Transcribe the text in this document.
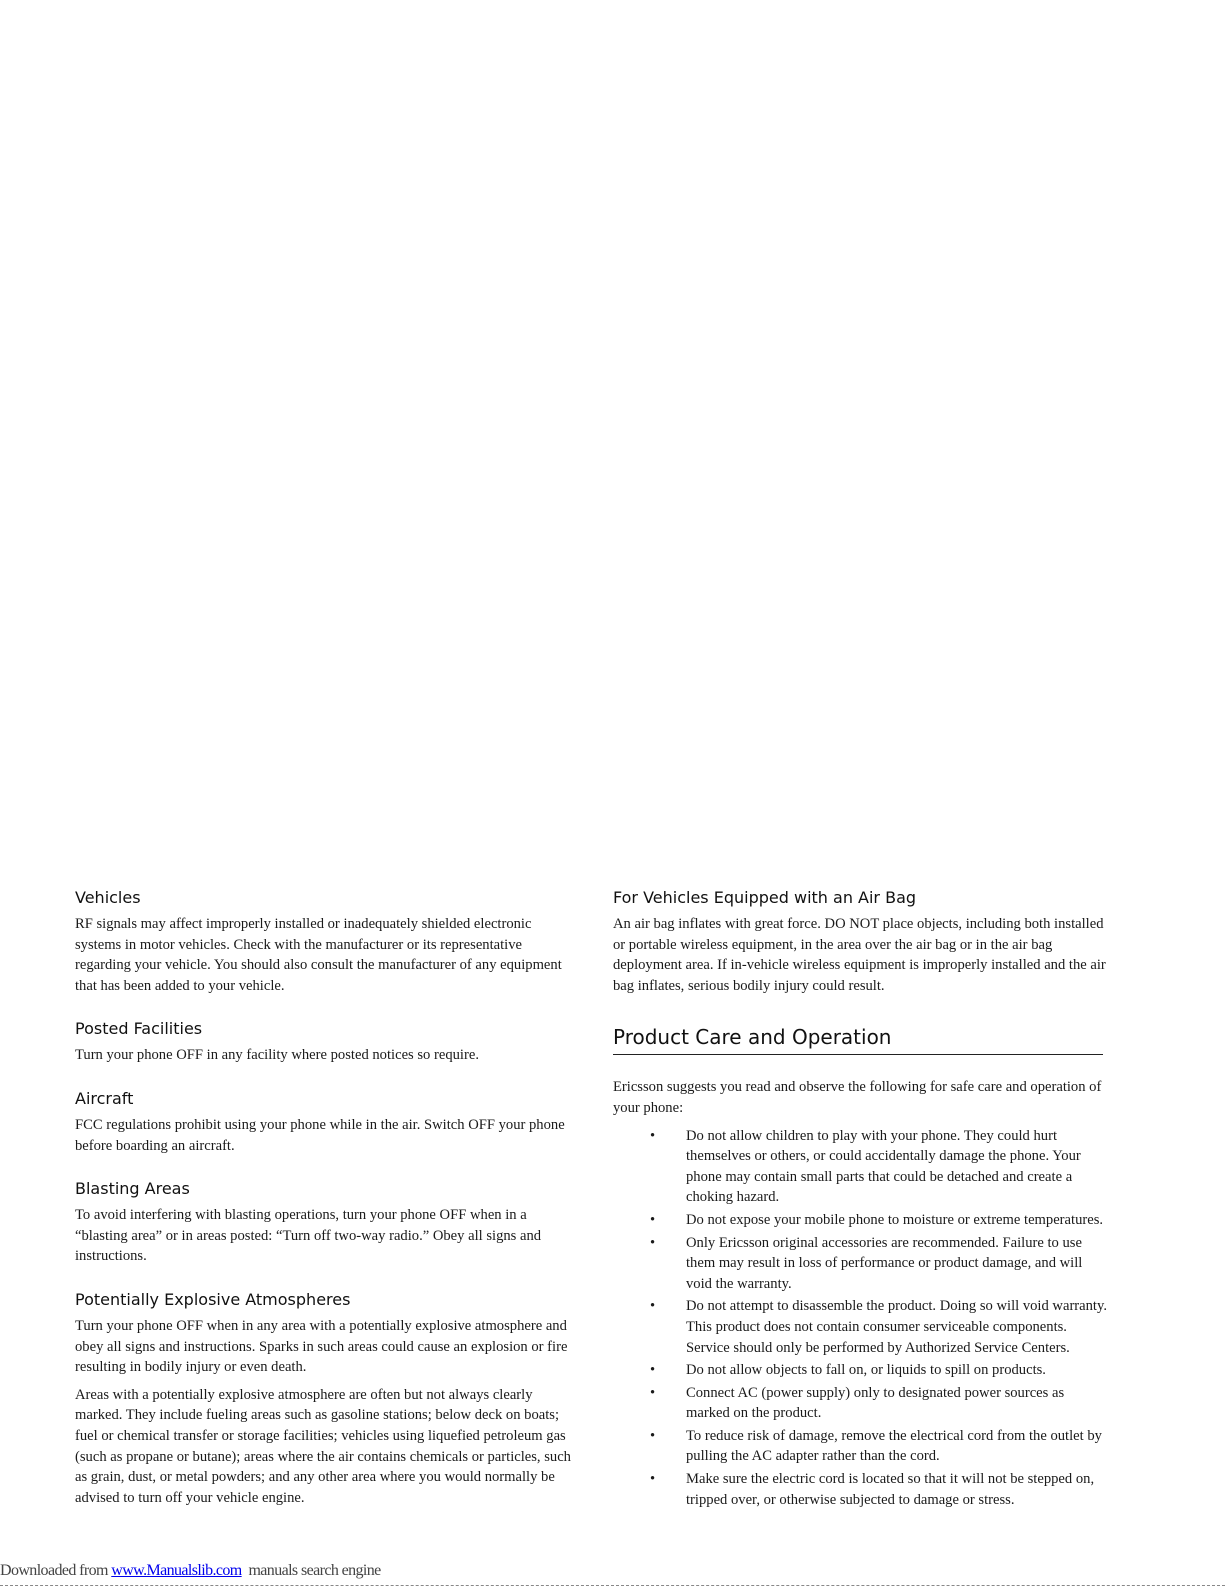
Vehicles

RF signals may affect improperly installed or inadequately shielded electronic systems in motor vehicles. Check with the manufacturer or its representative regarding your vehicle. You should also consult the manufacturer of any equipment that has been added to your vehicle.

Posted Facilities

Turn your phone OFF in any facility where posted notices so require.

Aircraft

FCC regulations prohibit using your phone while in the air. Switch OFF your phone before boarding an aircraft.

Blasting Areas

To avoid interfering with blasting operations, turn your phone OFF when in a “blasting area” or in areas posted: “Turn off two-way radio.” Obey all signs and instructions.

Potentially Explosive Atmospheres

Turn your phone OFF when in any area with a potentially explosive atmosphere and obey all signs and instructions. Sparks in such areas could cause an explosion or fire resulting in bodily injury or even death.

Areas with a potentially explosive atmosphere are often but not always clearly marked. They include fueling areas such as gasoline stations; below deck on boats; fuel or chemical transfer or storage facilities; vehicles using liquefied petroleum gas (such as propane or butane); areas where the air contains chemicals or particles, such as grain, dust, or metal powders; and any other area where you would normally be advised to turn off your vehicle engine.

For Vehicles Equipped with an Air Bag

An air bag inflates with great force. DO NOT place objects, including both installed or portable wireless equipment, in the area over the air bag or in the air bag deployment area. If in-vehicle wireless equipment is improperly installed and the air bag inflates, serious bodily injury could result.

Product Care and Operation

Ericsson suggests you read and observe the following for safe care and operation of your phone:

• Do not allow children to play with your phone. They could hurt themselves or others, or could accidentally damage the phone. Your phone may contain small parts that could be detached and create a choking hazard.
• Do not expose your mobile phone to moisture or extreme temperatures.
• Only Ericsson original accessories are recommended. Failure to use them may result in loss of performance or product damage, and will void the warranty.
• Do not attempt to disassemble the product. Doing so will void warranty. This product does not contain consumer serviceable components. Service should only be performed by Authorized Service Centers.
• Do not allow objects to fall on, or liquids to spill on products.
• Connect AC (power supply) only to designated power sources as marked on the product.
• To reduce risk of damage, remove the electrical cord from the outlet by pulling the AC adapter rather than the cord.
• Make sure the electric cord is located so that it will not be stepped on, tripped over, or otherwise subjected to damage or stress.
Downloaded from www.Manualslib.com  manuals search engine
